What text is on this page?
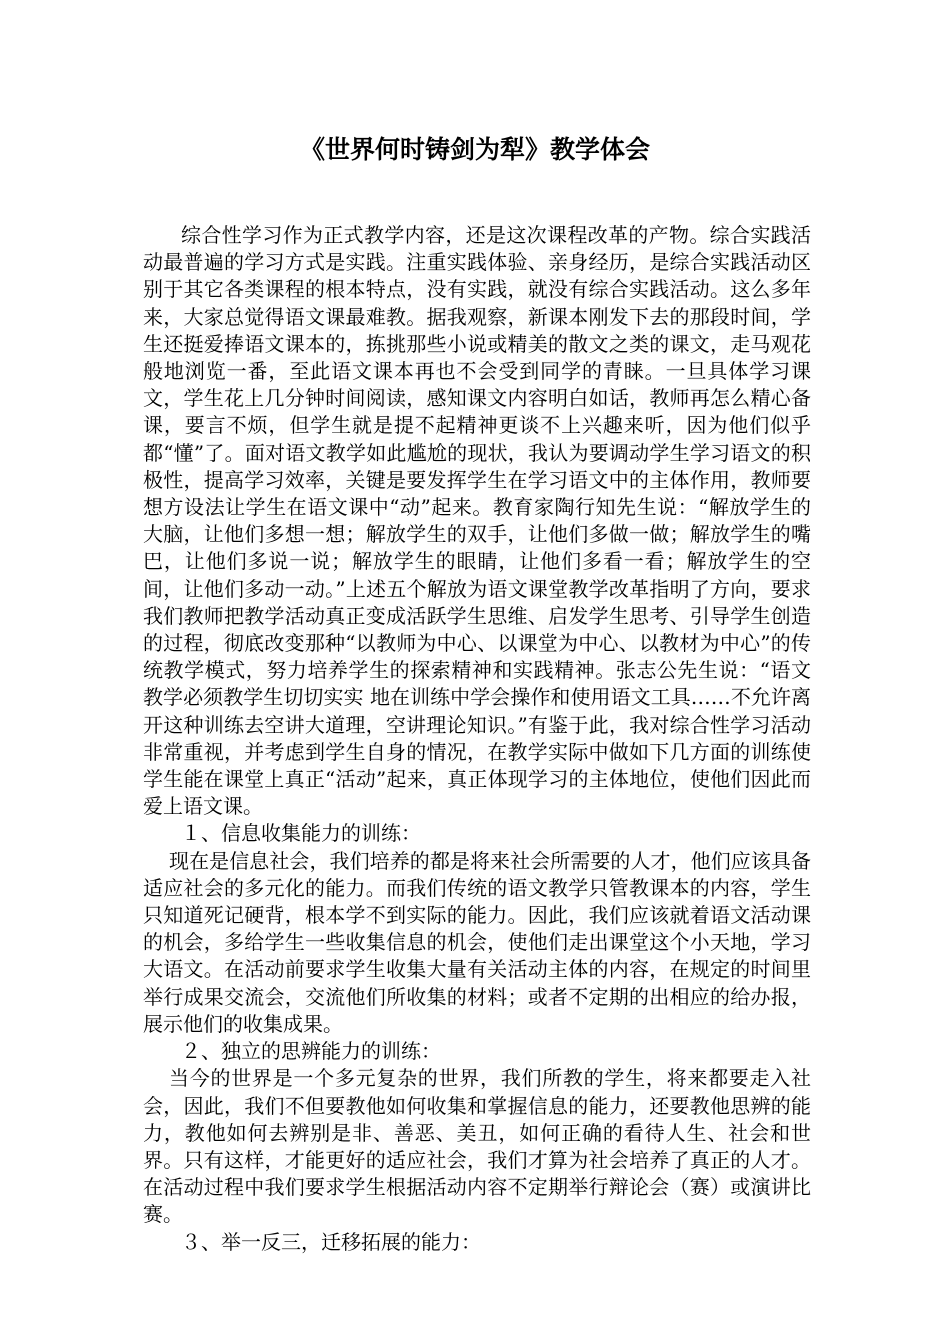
《世界何时铸剑为犁》教学体会

综合性学习作为正式教学内容，还是这次课程改革的产物。综合实践活动最普遍的学习方式是实践。注重实践体验、亲身经历，是综合实践活动区别于其它各类课程的根本特点，没有实践，就没有综合实践活动。这么多年来，大家总觉得语文课最难教。据我观察，新课本刚发下去的那段时间，学生还挺爱捧语文课本的，拣挑那些小说或精美的散文之类的课文，走马观花般地浏览一番，至此语文课本再也不会受到同学的青睐。一旦具体学习课文，学生花上几分钟时间阅读，感知课文内容明白如话，教师再怎么精心备课，要言不烦，但学生就是提不起精神更谈不上兴趣来听，因为他们似乎都“懂”了。面对语文教学如此尴尬的现状，我认为要调动学生学习语文的积极性，提高学习效率，关键是要发挥学生在学习语文中的主体作用，教师要想方设法让学生在语文课中“动”起来。教育家陶行知先生说：“解放学生的大脑，让他们多想一想；解放学生的双手，让他们多做一做；解放学生的嘴巴，让他们多说一说；解放学生的眼睛，让他们多看一看；解放学生的空间，让他们多动一动。”上述五个解放为语文课堂教学改革指明了方向，要求我们教师把教学活动真正变成活跃学生思维、启发学生思考、引导学生创造的过程，彻底改变那种“以教师为中心、以课堂为中心、以教材为中心”的传统教学模式，努力培养学生的探索精神和实践精神。张志公先生说：“语文教学必须教学生切切实实 地在训练中学会操作和使用语文工具……不允许离开这种训练去空讲大道理，空讲理论知识。”有鉴于此，我对综合性学习活动非常重视，并考虑到学生自身的情况，在教学实际中做如下几方面的训练使学生能在课堂上真正“活动”起来，真正体现学习的主体地位，使他们因此而爱上语文课。

１、信息收集能力的训练：

现在是信息社会，我们培养的都是将来社会所需要的人才，他们应该具备适应社会的多元化的能力。而我们传统的语文教学只管教课本的内容，学生只知道死记硬背，根本学不到实际的能力。因此，我们应该就着语文活动课的机会，多给学生一些收集信息的机会，使他们走出课堂这个小天地，学习大语文。在活动前要求学生收集大量有关活动主体的内容，在规定的时间里举行成果交流会，交流他们所收集的材料；或者不定期的出相应的给办报，展示他们的收集成果。

２、独立的思辨能力的训练：

当今的世界是一个多元复杂的世界，我们所教的学生，将来都要走入社会，因此，我们不但要教他如何收集和掌握信息的能力，还要教他思辨的能力，教他如何去辨别是非、善恶、美丑，如何正确的看待人生、社会和世界。只有这样，才能更好的适应社会，我们才算为社会培养了真正的人才。在活动过程中我们要求学生根据活动内容不定期举行辩论会（赛）或演讲比赛。

３、举一反三，迁移拓展的能力：
